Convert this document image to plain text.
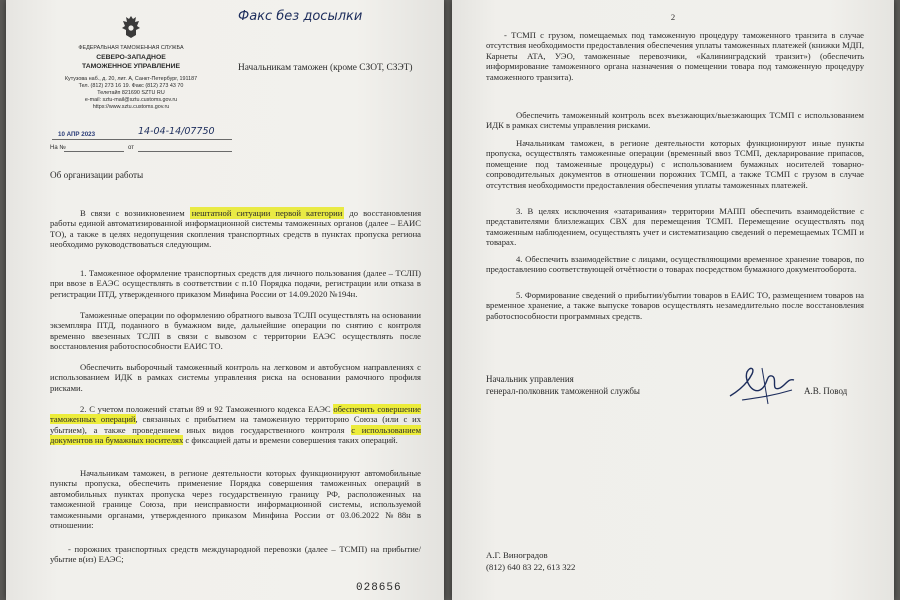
Факс без досылки
ФЕДЕРАЛЬНАЯ ТАМОЖЕННАЯ СЛУЖБА
СЕВЕРО-ЗАПАДНОЕ
ТАМОЖЕННОЕ УПРАВЛЕНИЕ
Кутузова наб., д. 20, лит. А, Санкт-Петербург, 191187
Тел. (812) 273 16 19. Факс (812) 273 43 70
Телетайп 821690 SZTU RU
e-mail: sztu-mail@sztu.customs.gov.ru
https://www.sztu.customs.gov.ru
Начальникам таможен (кроме СЗОТ, СЗЭТ)
10 АПР 2023	14-04-14/07750
На №	от
Об организации работы
В связи с возникновением нештатной ситуации первой категории до восстановления работы единой автоматизированной информационной системы таможенных органов (далее – ЕАИС ТО), а также в целях недопущения скопления транспортных средств в пунктах пропуска региона необходимо руководствоваться следующим.
1. Таможенное оформление транспортных средств для личного пользования (далее – ТСЛП) при ввозе в ЕАЭС осуществлять в соответствии с п.10 Порядка подачи, регистрации или отказа в регистрации ПТД, утвержденного приказом Минфина России от 14.09.2020 №194н.
Таможенные операции по оформлению обратного вывоза ТСЛП осуществлять на основании экземпляра ПТД, поданного в бумажном виде, дальнейшие операции по снятию с контроля временно ввезенных ТСЛП в связи с вывозом с территории ЕАЭС осуществлять после восстановления работоспособности ЕАИС ТО.
Обеспечить выборочный таможенный контроль на легковом и автобусном направлениях с использованием ИДК в рамках системы управления риска на основании рамочного профиля рисками.
2. С учетом положений статьи 89 и 92 Таможенного кодекса ЕАЭС обеспечить совершение таможенных операций, связанных с прибытием на таможенную территорию Союза (или с их убытием), а также проведением иных видов государственного контроля с использованием документов на бумажных носителях с фиксацией даты и времени совершения таких операций.
Начальникам таможен, в регионе деятельности которых функционируют автомобильные пункты пропуска, обеспечить применение Порядка совершения таможенных операций в автомобильных пунктах пропуска через государственную границу РФ, расположенных на таможенной границе Союза, при неисправности информационной системы, используемой таможенными органами, утвержденного приказом Минфина России от 03.06.2022 №88н в отношении:
- порожних транспортных средств международной перевозки (далее – ТСМП) на прибытие/убытие в(из) ЕАЭС;
028656
2
- ТСМП с грузом, помещаемых под таможенную процедуру таможенного транзита в случае отсутствия необходимости предоставления обеспечения уплаты таможенных платежей (книжки МДП, Карнеты АТА, УЭО, таможенные перевозчики, «Калининградский транзит») (обеспечить информирование таможенного органа назначения о помещении товара под таможенную процедуру таможенного транзита).
Обеспечить таможенный контроль всех въезжающих/выезжающих ТСМП с использованием ИДК в рамках системы управления рисками.
Начальникам таможен, в регионе деятельности которых функционируют иные пункты пропуска, осуществлять таможенные операции (временный ввоз ТСМП, декларирование припасов, помещение под таможенные процедуры) с использованием бумажных носителей товарно-сопроводительных документов в отношении порожних ТСМП, а также ТСМП с грузом в случае отсутствия необходимости предоставления обеспечения уплаты таможенных платежей.
3. В целях исключения «затаривания» территории МАПП обеспечить взаимодействие с представителями близлежащих СВХ для перемещения ТСМП. Перемещение осуществлять под таможенным наблюдением, осуществлять учет и систематизацию сведений о перемещаемых ТСМП и товарах.
4. Обеспечить взаимодействие с лицами, осуществляющими временное хранение товаров, по предоставлению соответствующей отчётности о товарах посредством бумажного документооборота.
5. Формирование сведений о прибытии/убытии товаров в ЕАИС ТО, размещением товаров на временное хранение, а также выпуске товаров осуществлять незамедлительно после восстановления работоспособности программных средств.
Начальник управления
генерал-полковник таможенной службы	А.В. Повод
А.Г. Виноградов
(812) 640 83 22, 613 322
